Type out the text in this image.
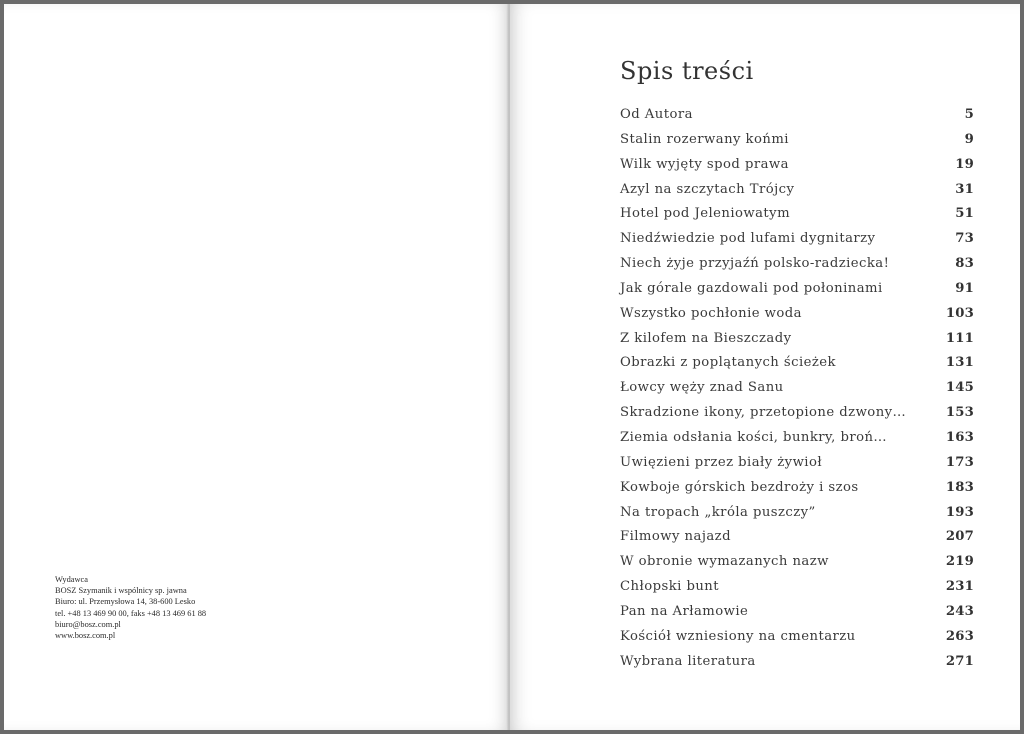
Wydawca
BOSZ Szymanik i wspólnicy sp. jawna
Biuro: ul. Przemysłowa 14, 38-600 Lesko
tel. +48 13 469 90 00, faks +48 13 469 61 88
biuro@bosz.com.pl
www.bosz.com.pl
Spis treści
Od Autora	5
Stalin rozerwany końmi	9
Wilk wyjęty spod prawa	19
Azyl na szczytach Trójcy	31
Hotel pod Jeleniowatym	51
Niedźwiedzie pod lufami dygnitarzy	73
Niech żyje przyjaźń polsko-radziecka!	83
Jak górale gazdowali pod połoninami	91
Wszystko pochłonie woda	103
Z kilofem na Bieszczady	111
Obrazki z poplątanych ścieżek	131
Łowcy węży znad Sanu	145
Skradzione ikony, przetopione dzwony…	153
Ziemia odsłania kości, bunkry, broń…	163
Uwięzieni przez biały żywioł	173
Kowboje górskich bezdroży i szos	183
Na tropach „króla puszczy”	193
Filmowy najazd	207
W obronie wymazanych nazw	219
Chłopski bunt	231
Pan na Arłamowie	243
Kościół wzniesiony na cmentarzu	263
Wybrana literatura	271
